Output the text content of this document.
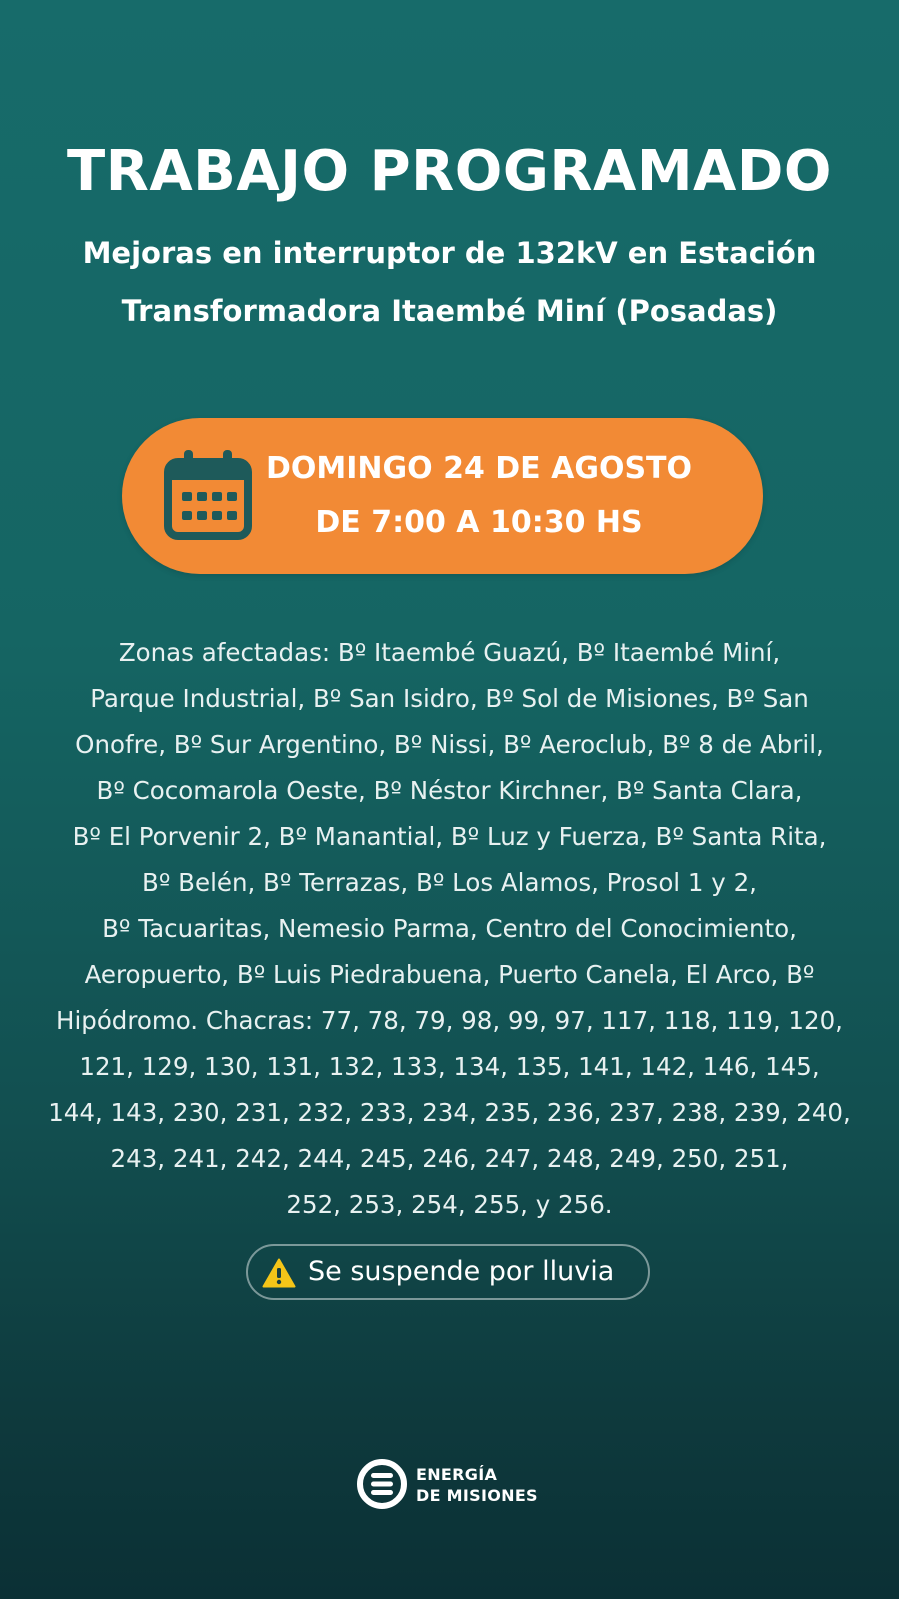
TRABAJO PROGRAMADO
Mejoras en interruptor de 132kV en Estación
Transformadora Itaembé Miní (Posadas)
DOMINGO 24 DE AGOSTO
DE 7:00 A 10:30 HS
Zonas afectadas: Bº Itaembé Guazú, Bº Itaembé Miní,
Parque Industrial, Bº San Isidro, Bº Sol de Misiones, Bº San
Onofre, Bº Sur Argentino, Bº Nissi, Bº Aeroclub, Bº 8 de Abril,
Bº Cocomarola Oeste, Bº Néstor Kirchner, Bº Santa Clara,
Bº El Porvenir 2, Bº Manantial, Bº Luz y Fuerza, Bº Santa Rita,
Bº Belén, Bº Terrazas, Bº Los Alamos, Prosol 1 y 2,
Bº Tacuaritas, Nemesio Parma, Centro del Conocimiento,
Aeropuerto, Bº Luis Piedrabuena, Puerto Canela, El Arco, Bº
Hipódromo. Chacras: 77, 78, 79, 98, 99, 97, 117, 118, 119, 120,
121, 129, 130, 131, 132, 133, 134, 135, 141, 142, 146, 145,
144, 143, 230, 231, 232, 233, 234, 235, 236, 237, 238, 239, 240,
243, 241, 242, 244, 245, 246, 247, 248, 249, 250, 251,
252, 253, 254, 255, y 256.
Se suspende por lluvia
ENERGÍA
DE MISIONES
